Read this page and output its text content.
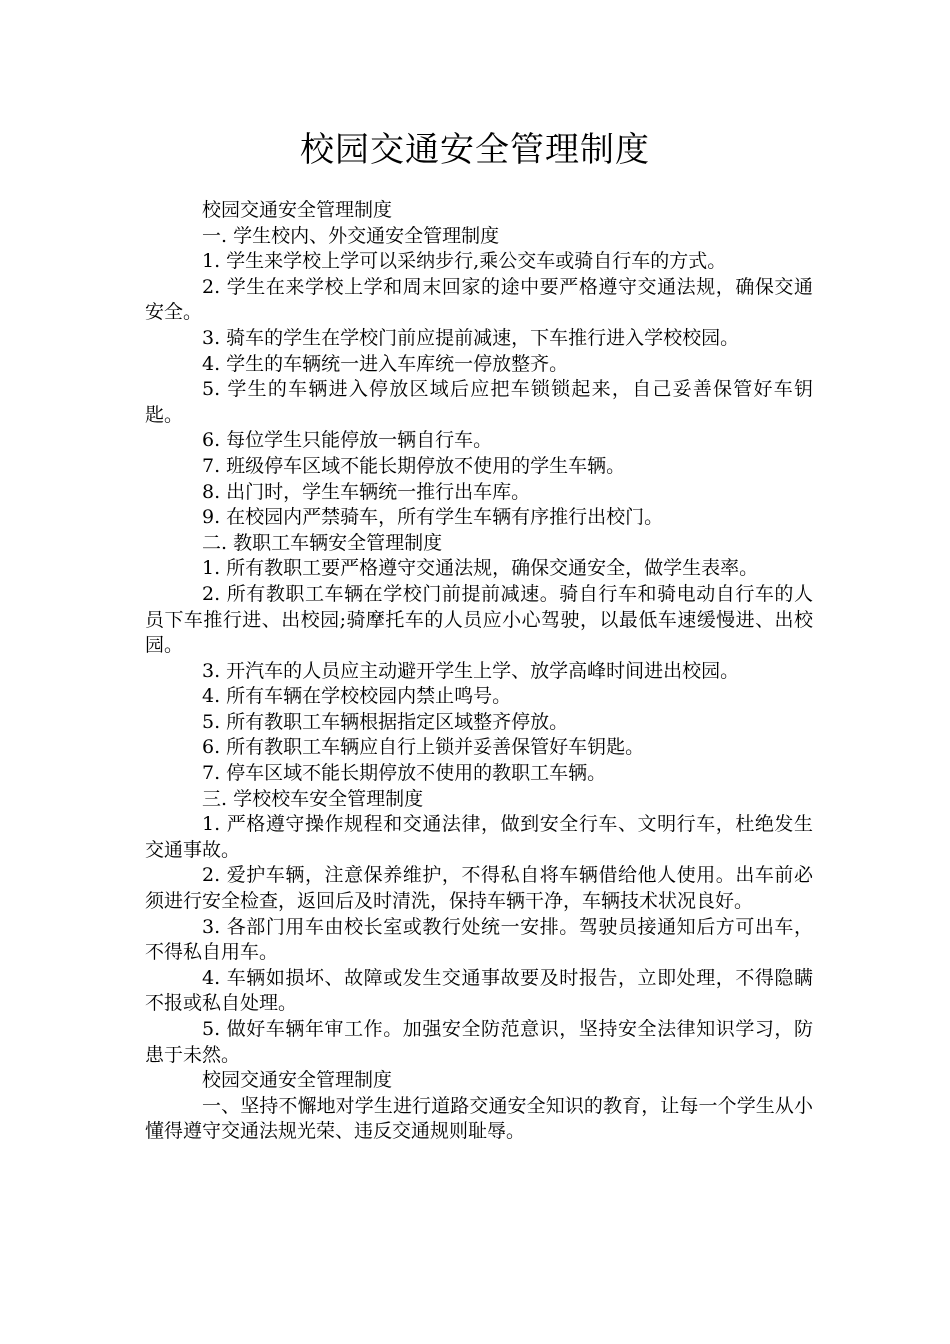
校园交通安全管理制度

校园交通安全管理制度

一. 学生校内、外交通安全管理制度

1. 学生来学校上学可以采纳步行,乘公交车或骑自行车的方式。

2. 学生在来学校上学和周末回家的途中要严格遵守交通法规，确保交通安全。

3. 骑车的学生在学校门前应提前减速，下车推行进入学校校园。

4. 学生的车辆统一进入车库统一停放整齐。

5. 学生的车辆进入停放区域后应把车锁锁起来，自己妥善保管好车钥匙。

6. 每位学生只能停放一辆自行车。

7. 班级停车区域不能长期停放不使用的学生车辆。

8. 出门时，学生车辆统一推行出车库。

9. 在校园内严禁骑车，所有学生车辆有序推行出校门。

二. 教职工车辆安全管理制度

1. 所有教职工要严格遵守交通法规，确保交通安全，做学生表率。

2. 所有教职工车辆在学校门前提前减速。骑自行车和骑电动自行车的人员下车推行进、出校园;骑摩托车的人员应小心驾驶，以最低车速缓慢进、出校园。

3. 开汽车的人员应主动避开学生上学、放学高峰时间进出校园。

4. 所有车辆在学校校园内禁止鸣号。

5. 所有教职工车辆根据指定区域整齐停放。

6. 所有教职工车辆应自行上锁并妥善保管好车钥匙。

7. 停车区域不能长期停放不使用的教职工车辆。

三. 学校校车安全管理制度

1. 严格遵守操作规程和交通法律，做到安全行车、文明行车，杜绝发生交通事故。

2. 爱护车辆，注意保养维护，不得私自将车辆借给他人使用。出车前必须进行安全检查，返回后及时清洗，保持车辆干净，车辆技术状况良好。

3. 各部门用车由校长室或教行处统一安排。驾驶员接通知后方可出车，不得私自用车。

4. 车辆如损坏、故障或发生交通事故要及时报告，立即处理，不得隐瞒不报或私自处理。

5. 做好车辆年审工作。加强安全防范意识，坚持安全法律知识学习，防患于未然。

校园交通安全管理制度

一、坚持不懈地对学生进行道路交通安全知识的教育，让每一个学生从小懂得遵守交通法规光荣、违反交通规则耻辱。
